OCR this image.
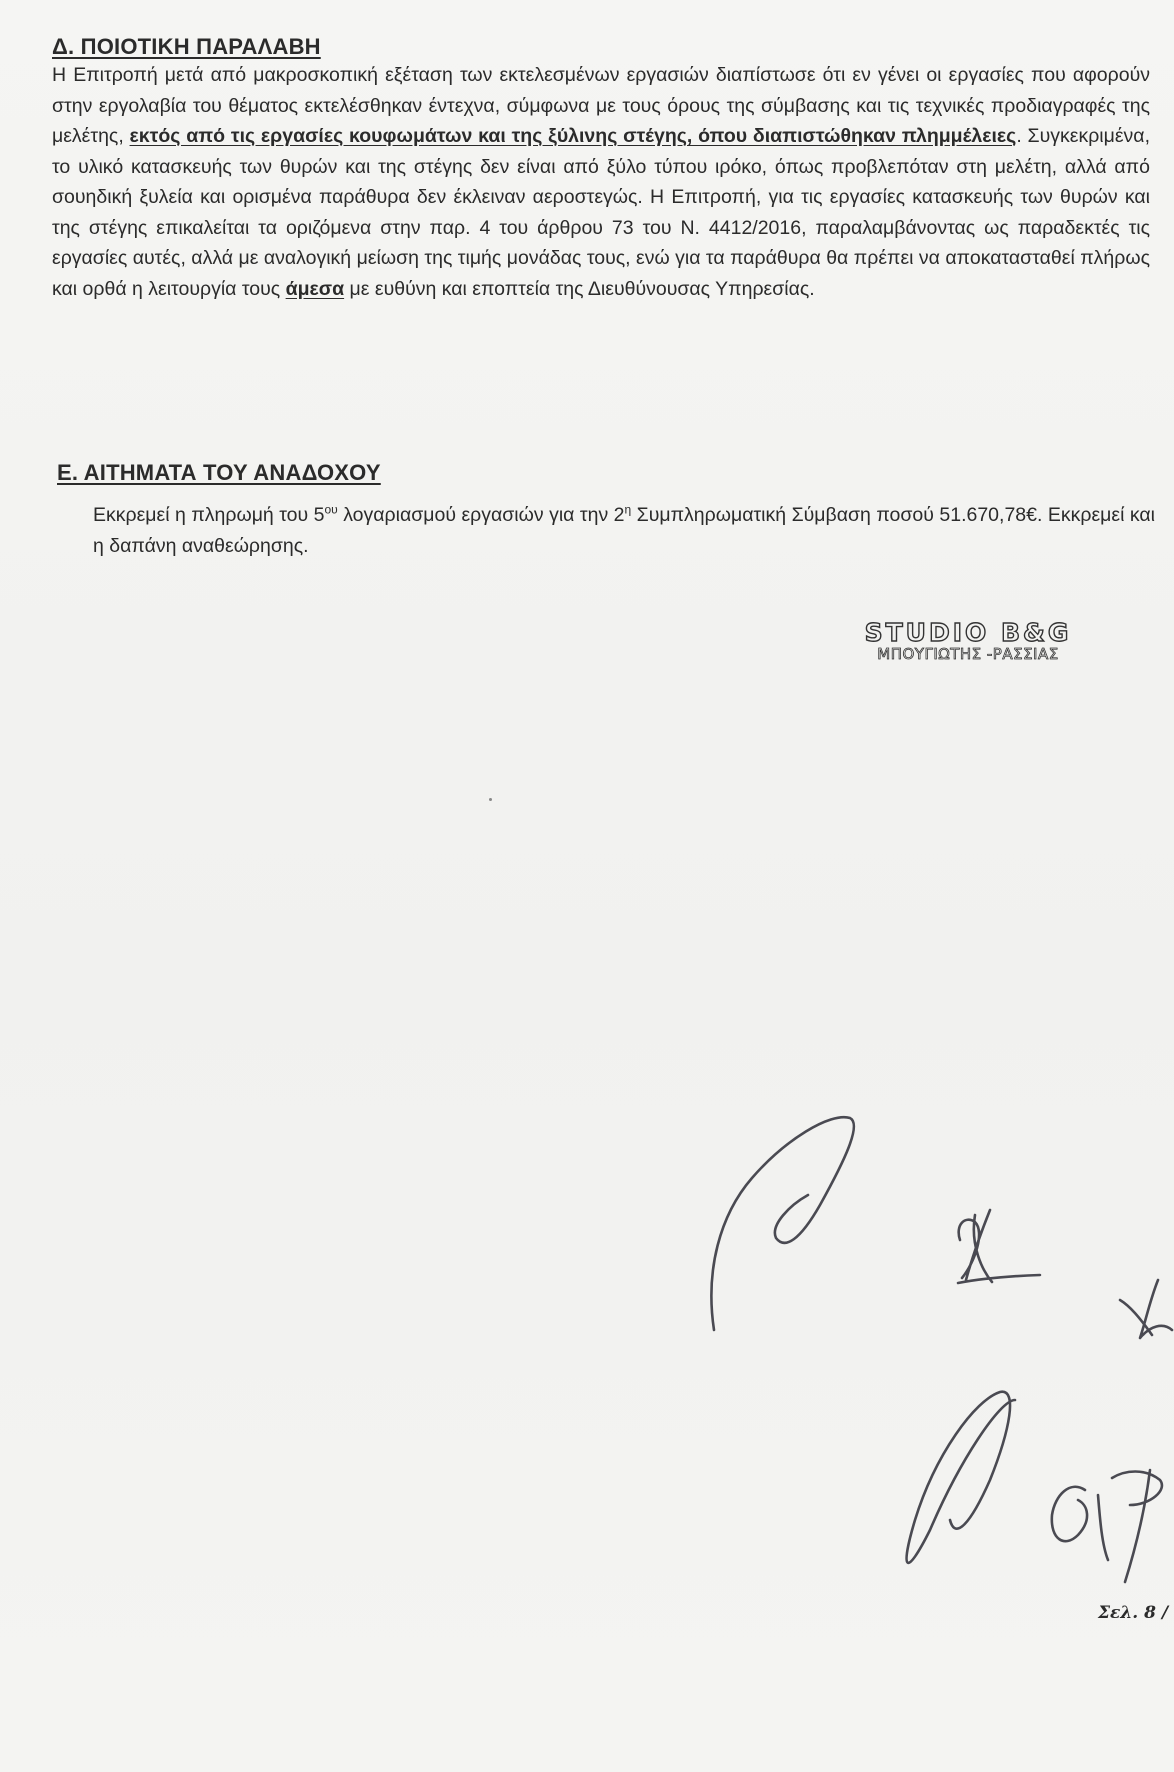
Δ. ΠΟΙΟΤΙΚΗ ΠΑΡΑΛΑΒΗ
Η Επιτροπή μετά από μακροσκοπική εξέταση των εκτελεσμένων εργασιών διαπίστωσε ότι εν γένει οι εργασίες που αφορούν στην εργολαβία του θέματος εκτελέσθηκαν έντεχνα, σύμφωνα με τους όρους της σύμβασης και τις τεχνικές προδιαγραφές της μελέτης, εκτός από τις εργασίες κουφωμάτων και της ξύλινης στέγης, όπου διαπιστώθηκαν πλημμέλειες. Συγκεκριμένα, το υλικό κατασκευής των θυρών και της στέγης δεν είναι από ξύλο τύπου ιρόκο, όπως προβλεπόταν στη μελέτη, αλλά από σουηδική ξυλεία και ορισμένα παράθυρα δεν έκλειναν αεροστεγώς. Η Επιτροπή, για τις εργασίες κατασκευής των θυρών και της στέγης επικαλείται τα οριζόμενα στην παρ. 4 του άρθρου 73 του Ν. 4412/2016, παραλαμβάνοντας ως παραδεκτές τις εργασίες αυτές, αλλά με αναλογική μείωση της τιμής μονάδας τους, ενώ για τα παράθυρα θα πρέπει να αποκατασταθεί πλήρως και ορθά η λειτουργία τους άμεσα με ευθύνη και εποπτεία της Διευθύνουσας Υπηρεσίας.
Ε. ΑΙΤΗΜΑΤΑ ΤΟΥ ΑΝΑΔΟΧΟΥ
Εκκρεμεί η πληρωμή του $5^{o\upsilon}$ λογαριασμού εργασιών για την $2^\eta$ Συμπληρωματική Σύμβαση ποσού 51.670,78€. Εκκρεμεί και η δαπάνη αναθεώρησης.
STUDIO B&G
ΜΠΟΥΓΙΩΤΗΣ -ΡΑΣΣΙΑΣ
Σελ. 8 /
